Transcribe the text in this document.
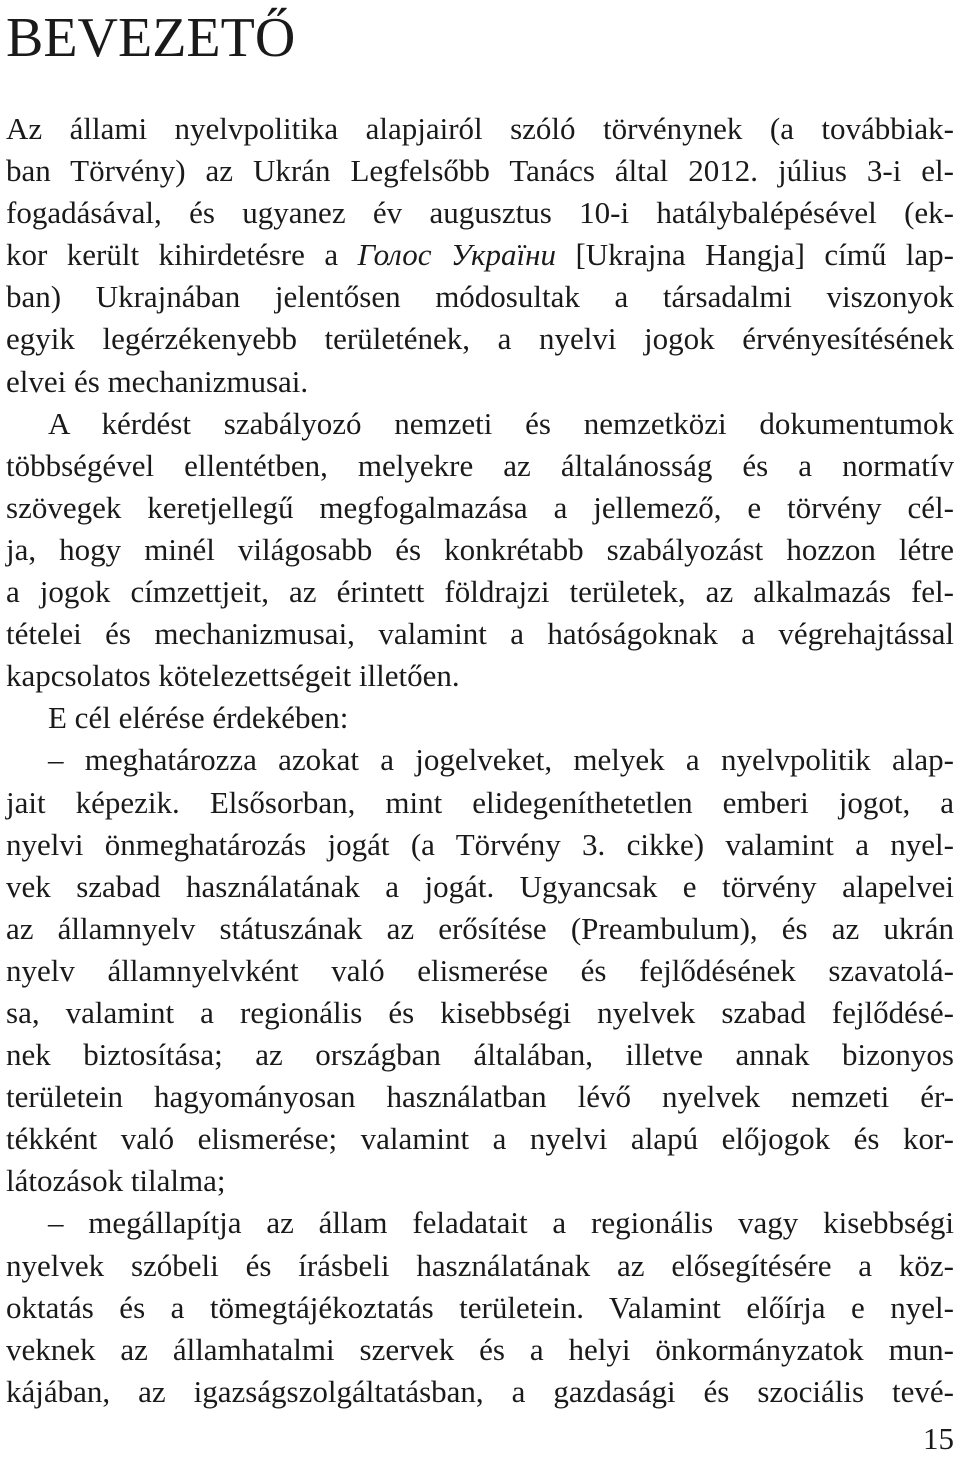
BEVEZETŐ
Az állami nyelvpolitika alapjairól szóló törvénynek (a továbbiak-
ban Törvény) az Ukrán Legfelsőbb Tanács által 2012. július 3-i el-
fogadásával, és ugyanez év augusztus 10-i hatálybalépésével (ek-
kor került kihirdetésre a Голос України [Ukrajna Hangja] című lap-
ban) Ukrajnában jelentősen módosultak a társadalmi viszonyok
egyik legérzékenyebb területének, a nyelvi jogok érvényesítésének
elvei és mechanizmusai.
A kérdést szabályozó nemzeti és nemzetközi dokumentumok
többségével ellentétben, melyekre az általánosság és a normatív
szövegek keretjellegű megfogalmazása a jellemező, e törvény cél-
ja, hogy minél világosabb és konkrétabb szabályozást hozzon létre
a jogok címzettjeit, az érintett földrajzi területek, az alkalmazás fel-
tételei és mechanizmusai, valamint a hatóságoknak a végrehajtással
kapcsolatos kötelezettségeit illetően.
E cél elérése érdekében:
– meghatározza azokat a jogelveket, melyek a nyelvpolitik alap-
jait képezik. Elsősorban, mint elidegeníthetetlen emberi jogot, a
nyelvi önmeghatározás jogát (a Törvény 3. cikke) valamint a nyel-
vek szabad használatának a jogát. Ugyancsak e törvény alapelvei
az államnyelv státuszának az erősítése (Preambulum), és az ukrán
nyelv államnyelvként való elismerése és fejlődésének szavatolá-
sa, valamint a regionális és kisebbségi nyelvek szabad fejlődésé-
nek biztosítása; az országban általában, illetve annak bizonyos
területein hagyományosan használatban lévő nyelvek nemzeti ér-
tékként való elismerése; valamint a nyelvi alapú előjogok és kor-
látozások tilalma;
– megállapítja az állam feladatait a regionális vagy kisebbségi
nyelvek szóbeli és írásbeli használatának az elősegítésére a köz-
oktatás és a tömegtájékoztatás területein. Valamint előírja e nyel-
veknek az államhatalmi szervek és a helyi önkormányzatok mun-
kájában, az igazságszolgáltatásban, a gazdasági és szociális tevé-
15
